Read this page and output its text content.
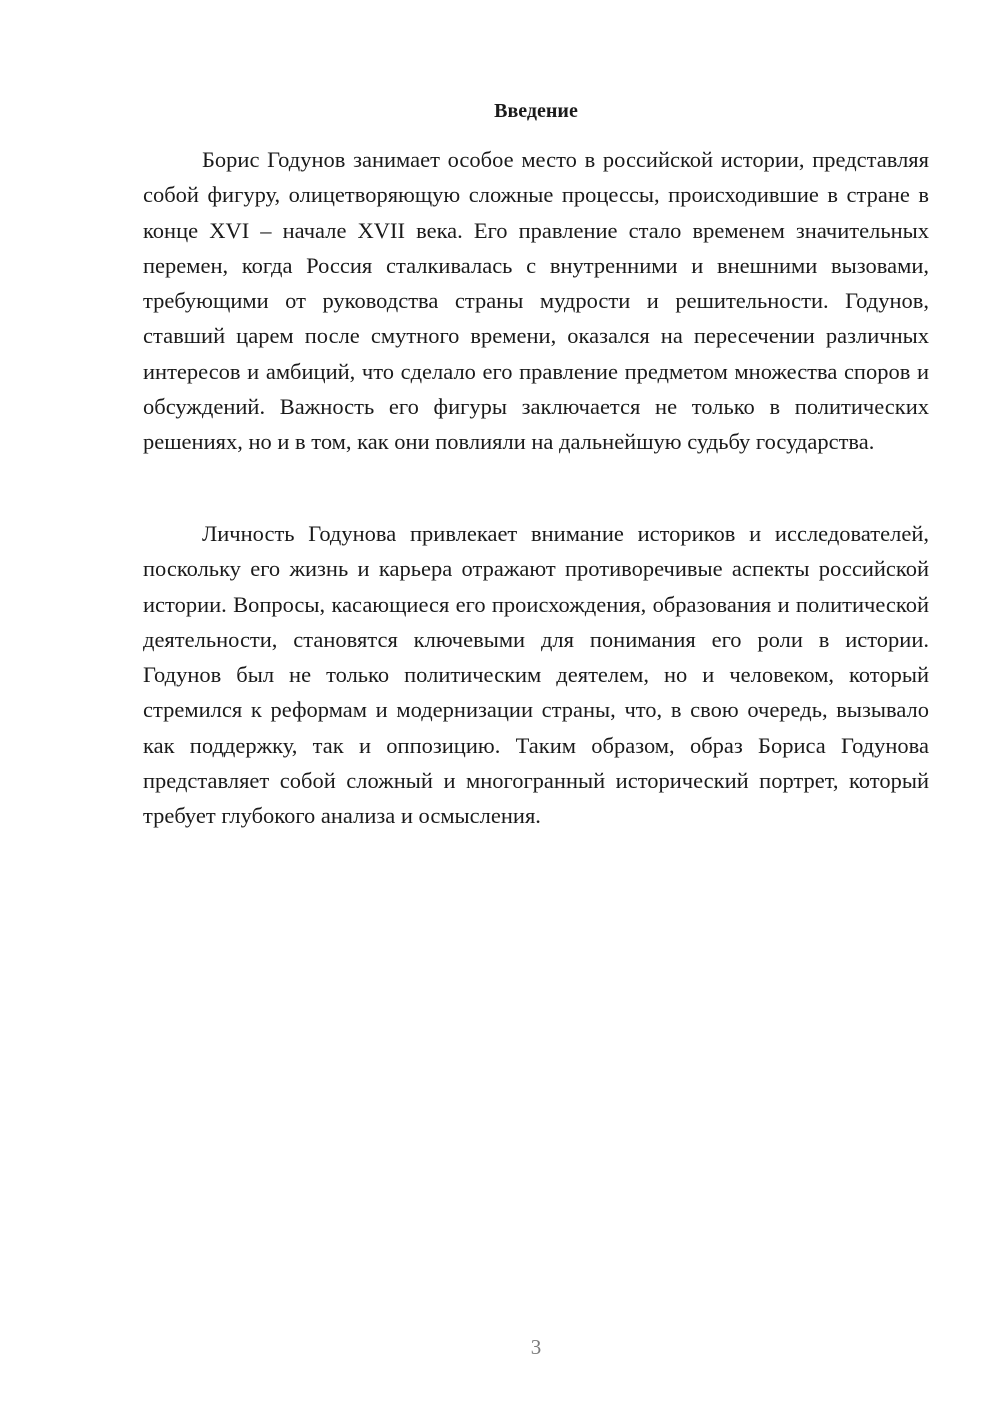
Введение

Борис Годунов занимает особое место в российской истории, представляя собой фигуру, олицетворяющую сложные процессы, происходившие в стране в конце XVI – начале XVII века. Его правление стало временем значительных перемен, когда Россия сталкивалась с внутренними и внешними вызовами, требующими от руководства страны мудрости и решительности. Годунов, ставший царем после смутного времени, оказался на пересечении различных интересов и амбиций, что сделало его правление предметом множества споров и обсуждений. Важность его фигуры заключается не только в политических решениях, но и в том, как они повлияли на дальнейшую судьбу государства.

Личность Годунова привлекает внимание историков и исследователей, поскольку его жизнь и карьера отражают противоречивые аспекты российской истории. Вопросы, касающиеся его происхождения, образования и политической деятельности, становятся ключевыми для понимания его роли в истории. Годунов был не только политическим деятелем, но и человеком, который стремился к реформам и модернизации страны, что, в свою очередь, вызывало как поддержку, так и оппозицию. Таким образом, образ Бориса Годунова представляет собой сложный и многогранный исторический портрет, который требует глубокого анализа и осмысления.

3
